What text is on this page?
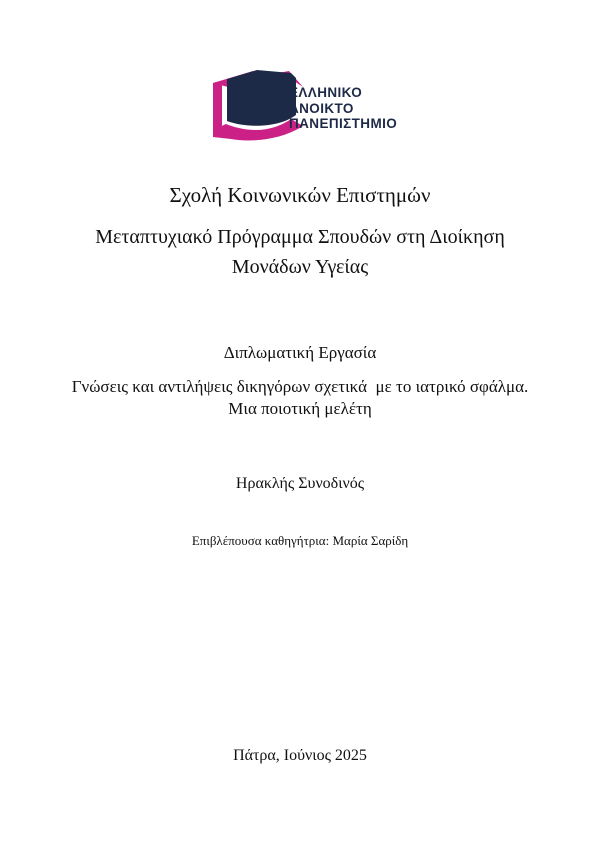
ΕΛΛΗΝΙΚΟ
ΑΝΟΙΚΤΟ
ΠΑΝΕΠΙΣΤΗΜΙΟ
Σχολή Κοινωνικών Επιστημών
Μεταπτυχιακό Πρόγραμμα Σπουδών στη Διοίκηση
Μονάδων Υγείας
Διπλωματική Εργασία
Γνώσεις και αντιλήψεις δικηγόρων σχετικά  με το ιατρικό σφάλμα.
Μια ποιοτική μελέτη
Ηρακλής Συνοδινός
Επιβλέπουσα καθηγήτρια: Μαρία Σαρίδη
Πάτρα, Ιούνιος 2025
